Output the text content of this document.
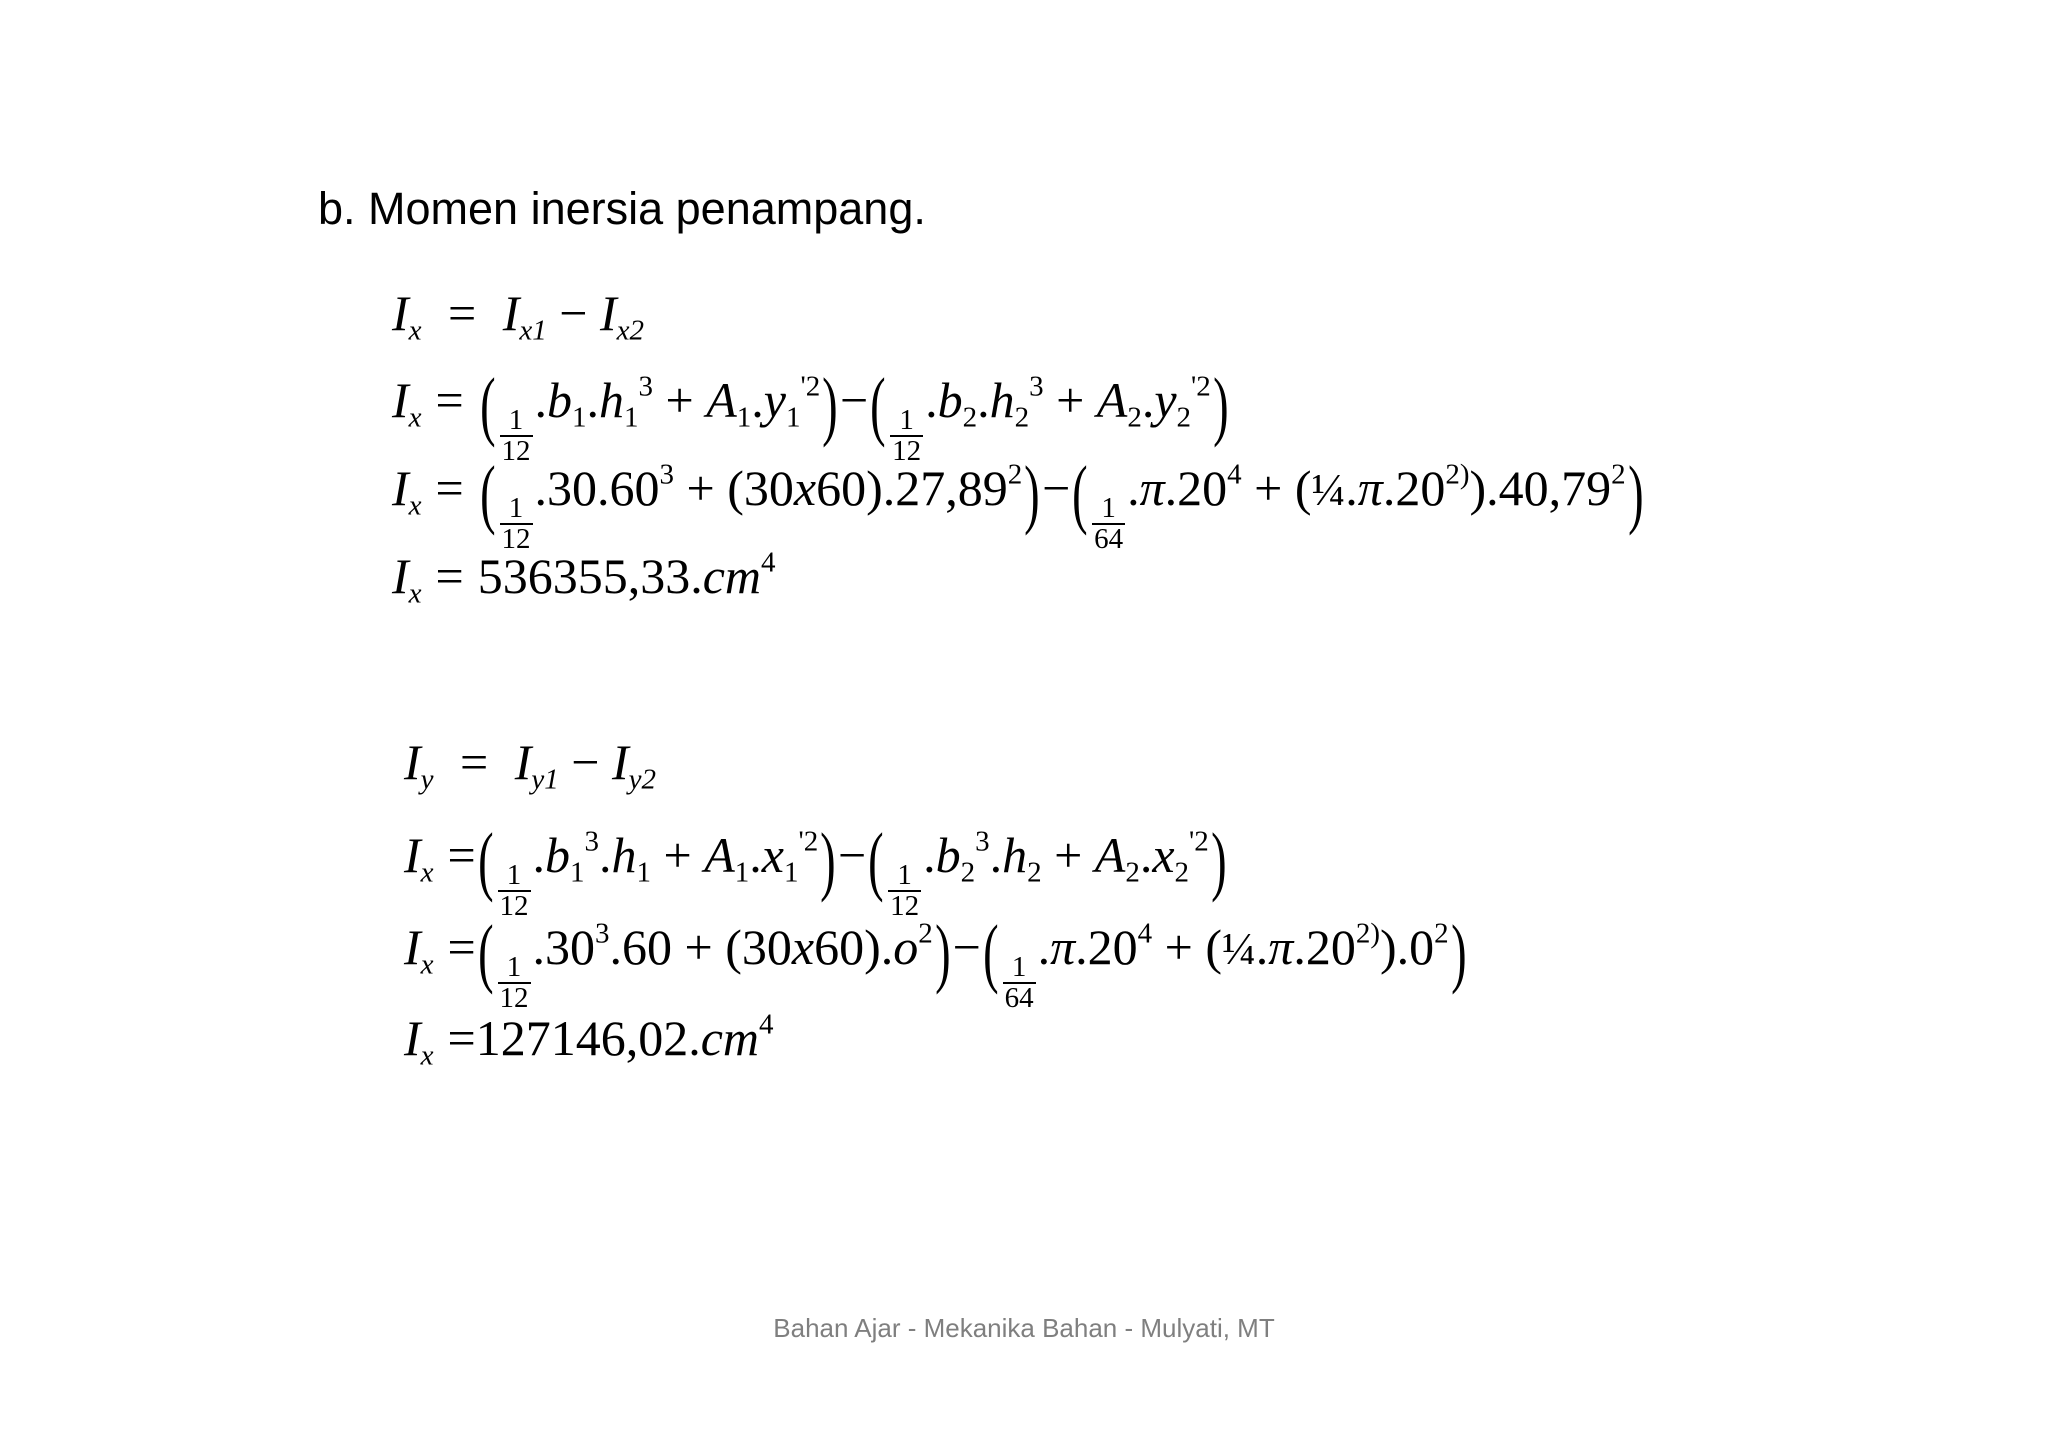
b. Momen inersia penampang.
$I_x = I_{x1} - I_{x2}$
$I_x$ = ( $\frac{1}{12}$
$.b_1.h_1^3 + A_1.y_1^{'2})-( \frac{1}{12}$
$.b_2.h_2^3 + A_2.y_2^{'2}$)
$I_x$ = ( $\frac{1}{12}$
$.30.60^3 + (30x60).27,89^2)-( \frac{1}{64}$
$.\pi.20^4$ + $(\frac{1}{4}.\pi.20^{2)}).40,79^2$)
$I_x = 536355,33.cm^4$
$I_y = I_{y1} - I_{y2}$
$I_x$ =( $\frac{1}{12}$
$.b_1^3.h_1 + A_1.x_1^{'2})-( \frac{1}{12}$
$.b_2^3.h_2 + A_2.x_2^{'2}$)
$I_x$ =( $\frac{1}{12}$
$.30^3.60 + (30x60).o^2)-( \frac{1}{64}$
$.\pi.20^4$ + $(\frac{1}{4}.\pi.20^{2)}).0^2$)
$I_x =127146,02.cm^4$
Bahan Ajar - Mekanika Bahan - Mulyati, MT
